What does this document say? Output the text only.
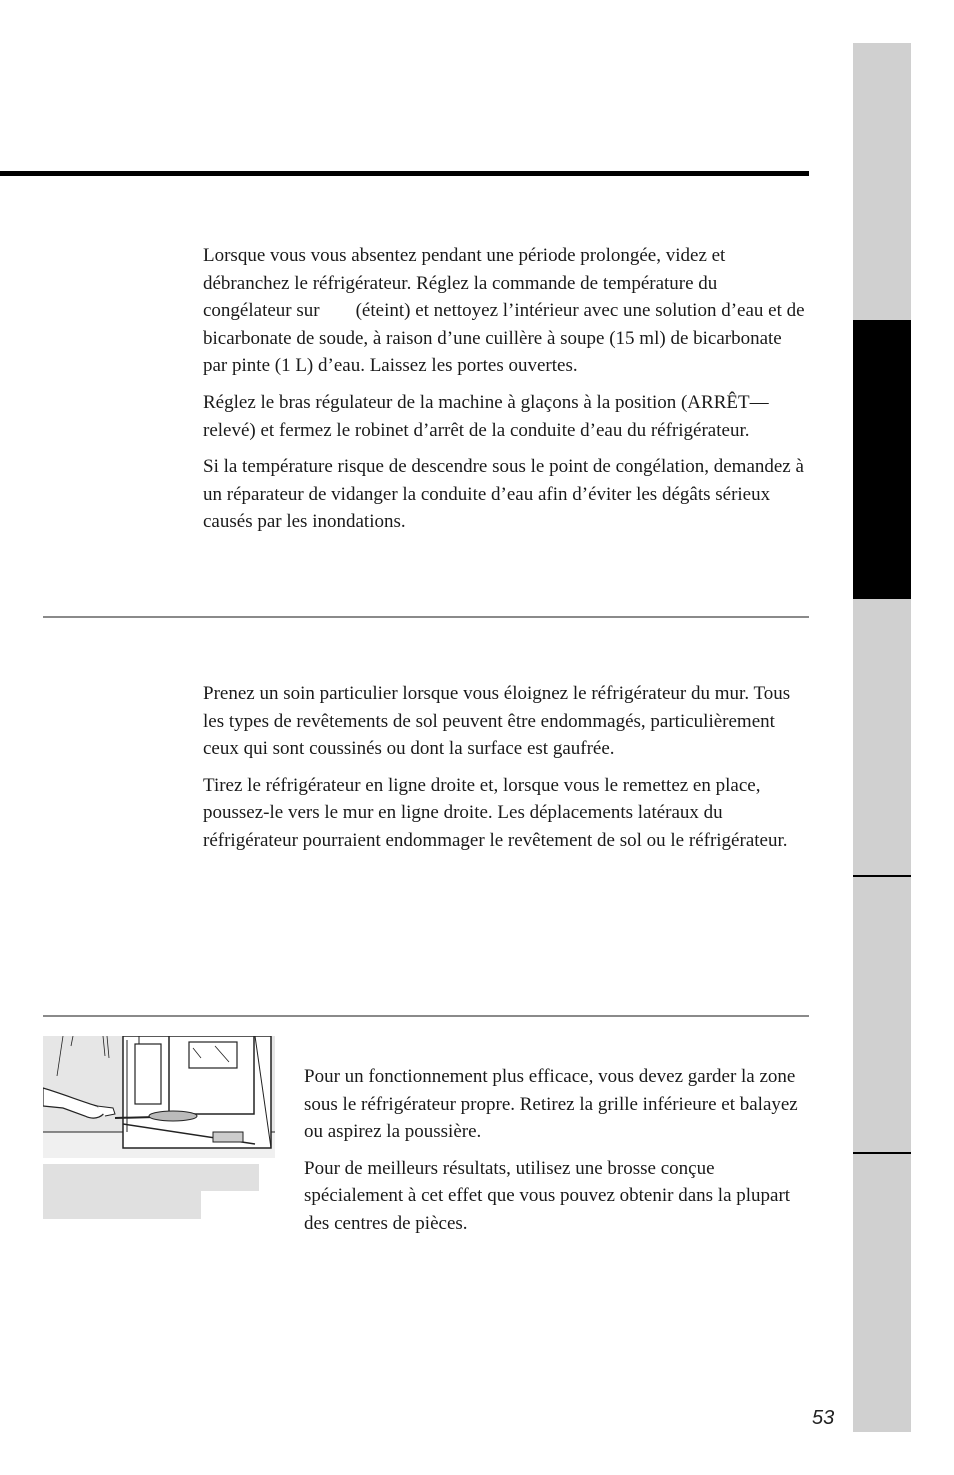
Lorsque vous vous absentez pendant une période prolongée, videz et débranchez le réfrigérateur. Réglez la commande de température du congélateur sur (éteint) et nettoyez l’intérieur avec une solution d’eau et de bicarbonate de soude, à raison d’une cuillère à soupe (15 ml) de bicarbonate par pinte (1 L) d’eau. Laissez les portes ouvertes.

Réglez le bras régulateur de la machine à glaçons à la position (ARRÊT—relevé) et fermez le robinet d’arrêt de la conduite d’eau du réfrigérateur.

Si la température risque de descendre sous le point de congélation, demandez à un réparateur de vidanger la conduite d’eau afin d’éviter les dégâts sérieux causés par les inondations.

Prenez un soin particulier lorsque vous éloignez le réfrigérateur du mur. Tous les types de revêtements de sol peuvent être endommagés, particulièrement ceux qui sont coussinés ou dont la surface est gaufrée.

Tirez le réfrigérateur en ligne droite et, lorsque vous le remettez en place, poussez-le vers le mur en ligne droite. Les déplacements latéraux du réfrigérateur pourraient endommager le revêtement de sol ou le réfrigérateur.

Pour un fonctionnement plus efficace, vous devez garder la zone sous le réfrigérateur propre. Retirez la grille inférieure et balayez ou aspirez la poussière.

Pour de meilleurs résultats, utilisez une brosse conçue spécialement à cet effet que vous pouvez obtenir dans la plupart des centres de pièces.

53
